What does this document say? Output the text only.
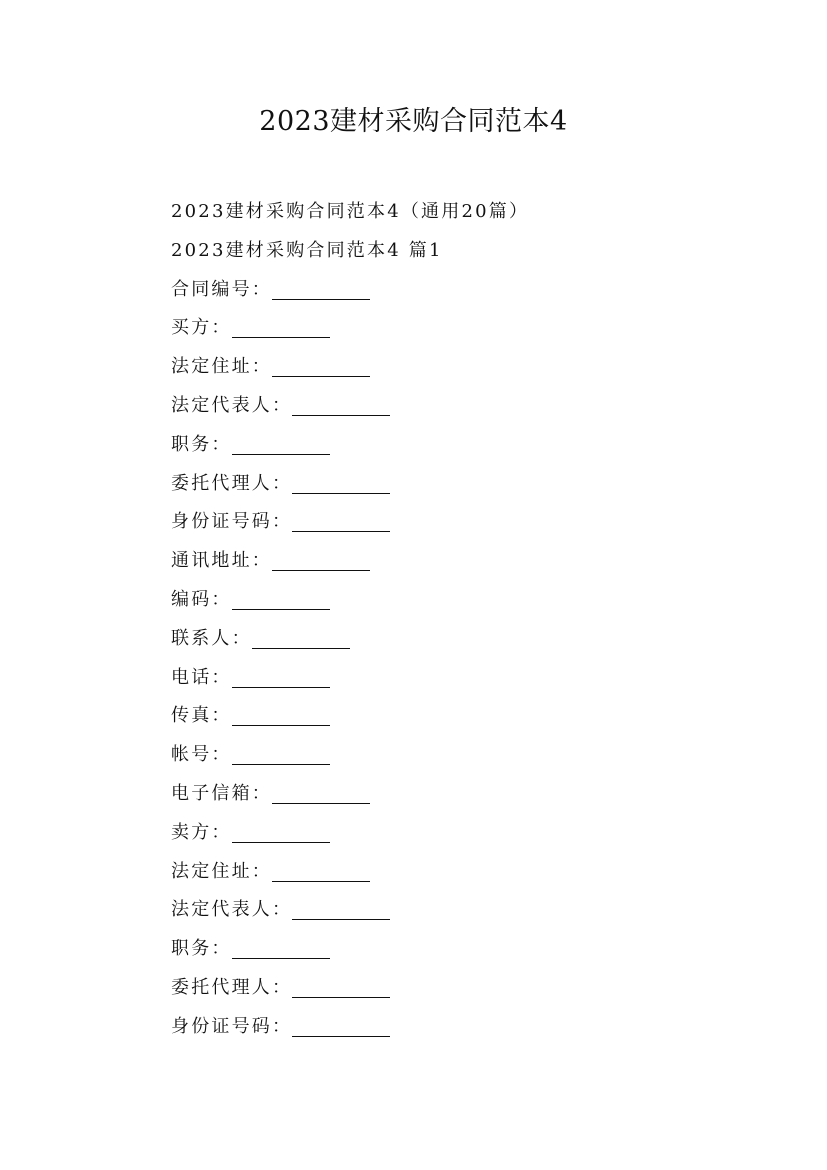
2023建材采购合同范本4
2023建材采购合同范本4（通用20篇）
2023建材采购合同范本4 篇1
合同编号：
买方：
法定住址：
法定代表人：
职务：
委托代理人：
身份证号码：
通讯地址：
编码：
联系人：
电话：
传真：
帐号：
电子信箱：
卖方：
法定住址：
法定代表人：
职务：
委托代理人：
身份证号码：
